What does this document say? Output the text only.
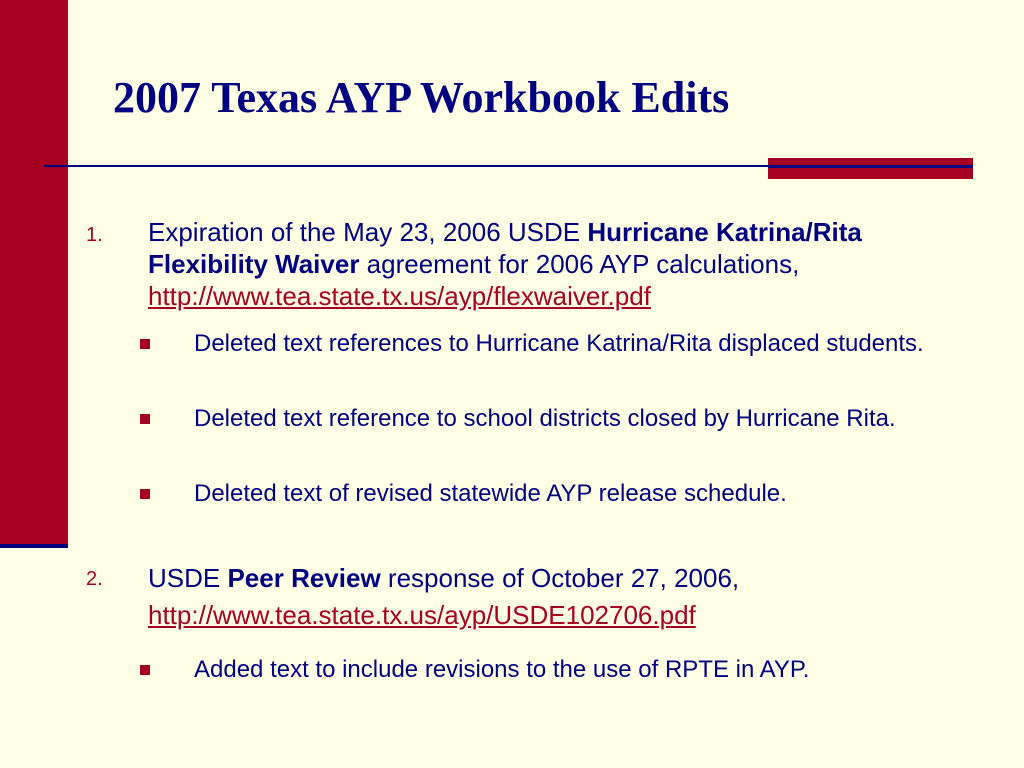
2007 Texas AYP Workbook Edits
1.	Expiration of the May 23, 2006 USDE Hurricane Katrina/Rita Flexibility Waiver agreement for 2006 AYP calculations, http://www.tea.state.tx.us/ayp/flexwaiver.pdf
Deleted text references to Hurricane Katrina/Rita displaced students.
Deleted text reference to school districts closed by Hurricane Rita.
Deleted text of revised statewide AYP release schedule.
2.	USDE Peer Review response of October 27, 2006,
http://www.tea.state.tx.us/ayp/USDE102706.pdf
Added text to include revisions to the use of RPTE in AYP.
